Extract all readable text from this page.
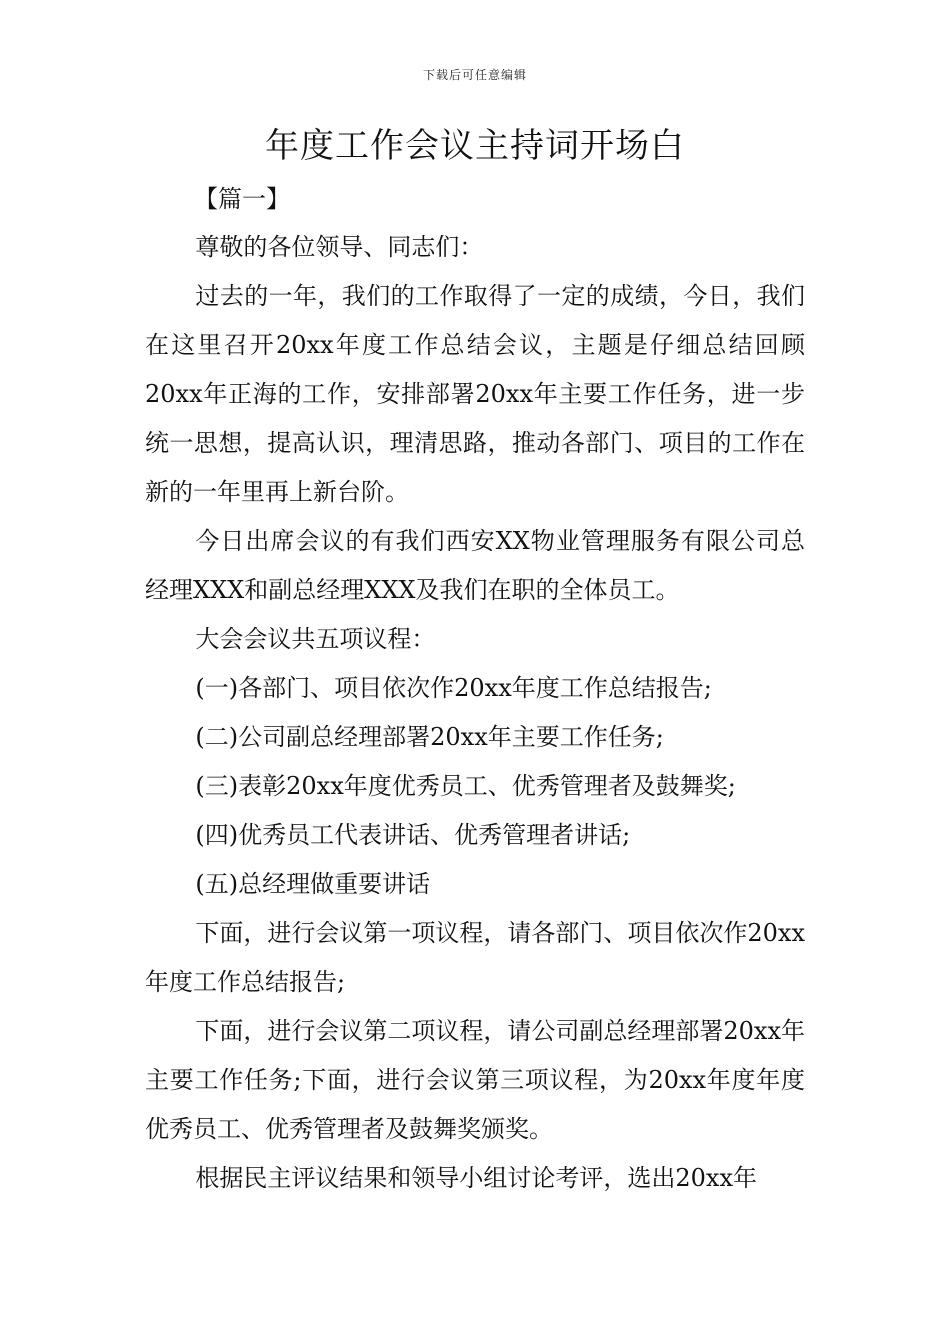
下载后可任意编辑
年度工作会议主持词开场白
【篇一】

尊敬的各位领导、同志们：

过去的一年，我们的工作取得了一定的成绩，今日，我们在这里召开20xx年度工作总结会议，主题是仔细总结回顾20xx年正海的工作，安排部署20xx年主要工作任务，进一步统一思想，提高认识，理清思路，推动各部门、项目的工作在新的一年里再上新台阶。

今日出席会议的有我们西安XX物业管理服务有限公司总经理XXX和副总经理XXX及我们在职的全体员工。

大会会议共五项议程：

(一)各部门、项目依次作20xx年度工作总结报告;

(二)公司副总经理部署20xx年主要工作任务;

(三)表彰20xx年度优秀员工、优秀管理者及鼓舞奖;

(四)优秀员工代表讲话、优秀管理者讲话;

(五)总经理做重要讲话

下面，进行会议第一项议程，请各部门、项目依次作20xx年度工作总结报告;

下面，进行会议第二项议程，请公司副总经理部署20xx年主要工作任务;下面，进行会议第三项议程，为20xx年度年度优秀员工、优秀管理者及鼓舞奖颁奖。

根据民主评议结果和领导小组讨论考评，选出20xx年
